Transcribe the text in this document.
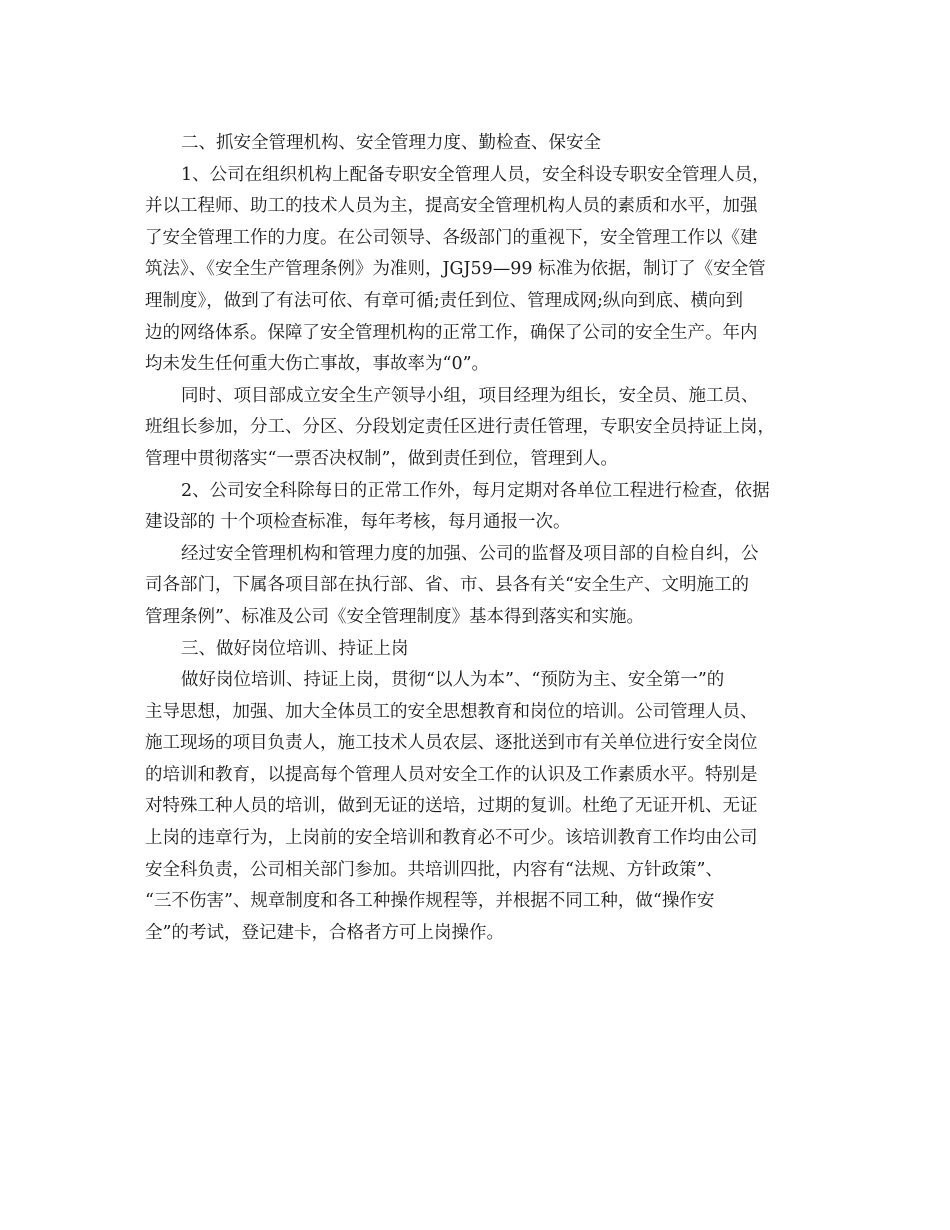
二、抓安全管理机构、安全管理力度、勤检查、保安全
1、公司在组织机构上配备专职安全管理人员，安全科设专职安全管理人员，
并以工程师、助工的技术人员为主，提高安全管理机构人员的素质和水平，加强
了安全管理工作的力度。在公司领导、各级部门的重视下，安全管理工作以《建
筑法》、《安全生产管理条例》为准则，JGJ59—99 标准为依据，制订了《安全管
理制度》，做到了有法可依、有章可循;责任到位、管理成网;纵向到底、横向到
边的网络体系。保障了安全管理机构的正常工作，确保了公司的安全生产。年内
均未发生任何重大伤亡事故，事故率为“0”。
同时、项目部成立安全生产领导小组，项目经理为组长，安全员、施工员、
班组长参加，分工、分区、分段划定责任区进行责任管理，专职安全员持证上岗，
管理中贯彻落实“一票否决权制”，做到责任到位，管理到人。
2、公司安全科除每日的正常工作外，每月定期对各单位工程进行检查，依据
建设部的 十个项检查标准，每年考核，每月通报一次。
经过安全管理机构和管理力度的加强、公司的监督及项目部的自检自纠，公
司各部门，下属各项目部在执行部、省、市、县各有关“安全生产、文明施工的
管理条例”、标准及公司《安全管理制度》基本得到落实和实施。
三、做好岗位培训、持证上岗
做好岗位培训、持证上岗，贯彻“以人为本”、“预防为主、安全第一”的
主导思想，加强、加大全体员工的安全思想教育和岗位的培训。公司管理人员、
施工现场的项目负责人，施工技术人员农层、逐批送到市有关单位进行安全岗位
的培训和教育，以提高每个管理人员对安全工作的认识及工作素质水平。特别是
对特殊工种人员的培训，做到无证的送培，过期的复训。杜绝了无证开机、无证
上岗的违章行为，上岗前的安全培训和教育必不可少。该培训教育工作均由公司
安全科负责，公司相关部门参加。共培训四批，内容有“法规、方针政策”、
“三不伤害”、规章制度和各工种操作规程等，并根据不同工种，做“操作安
全”的考试，登记建卡，合格者方可上岗操作。
